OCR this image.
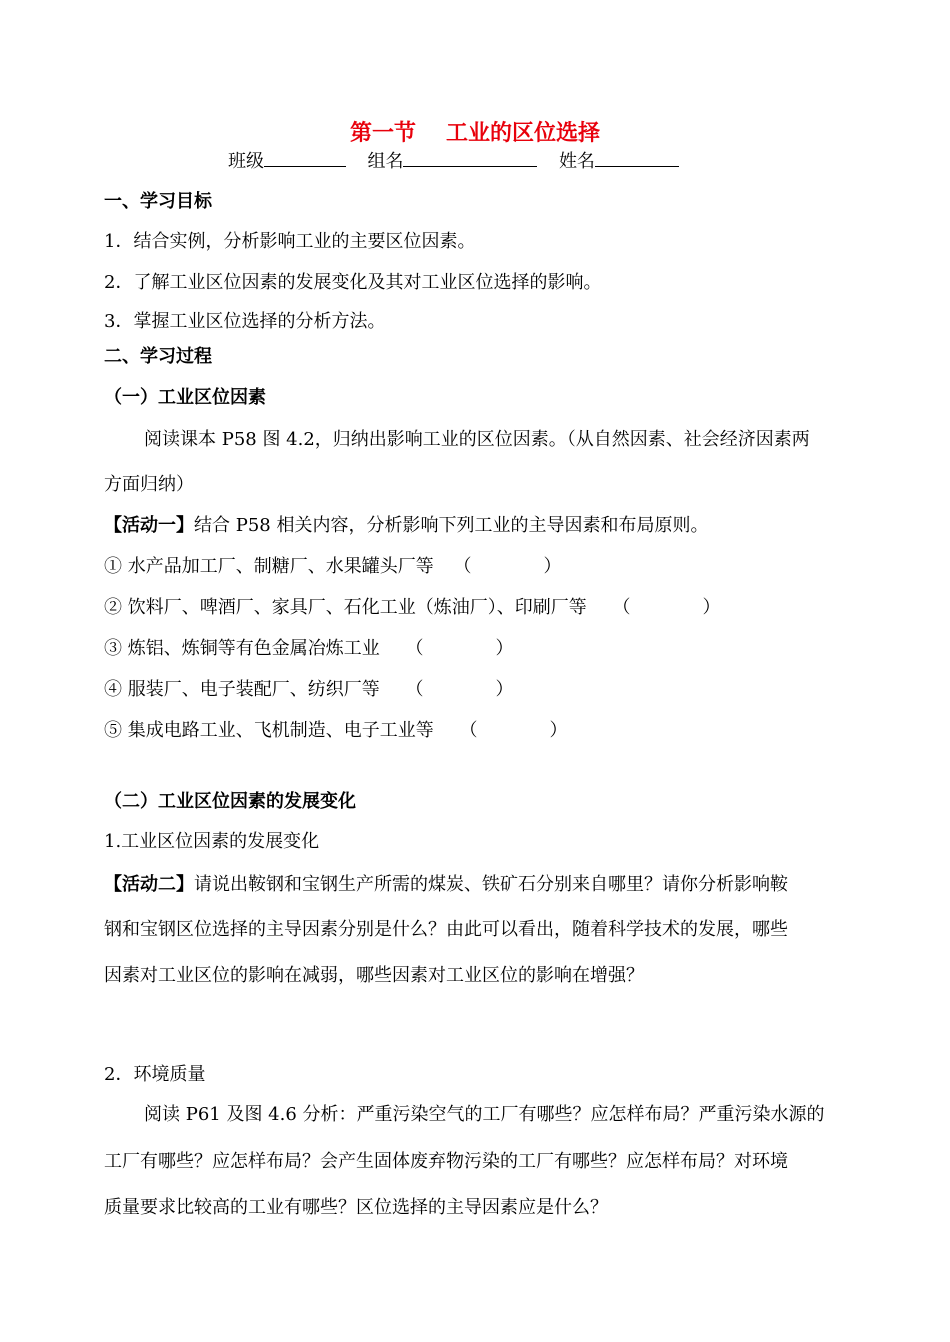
第一节 工业的区位选择
班级	组名	姓名
一、学习目标
1．结合实例，分析影响工业的主要区位因素。
2．了解工业区位因素的发展变化及其对工业区位选择的影响。
3．掌握工业区位选择的分析方法。
二、学习过程
（一）工业区位因素
阅读课本 P58 图 4.2，归纳出影响工业的区位因素。（从自然因素、社会经济因素两
方面归纳）
【活动一】结合 P58 相关内容，分析影响下列工业的主导因素和布局原则。
① 水产品加工厂、制糖厂、水果罐头厂等 （　　　　）
② 饮料厂、啤酒厂、家具厂、石化工业（炼油厂）、印刷厂等 （　　　　）
③ 炼铝、炼铜等有色金属冶炼工业 （　　　　）
④ 服装厂、电子装配厂、纺织厂等 （　　　　）
⑤ 集成电路工业、飞机制造、电子工业等 （　　　　）
（二）工业区位因素的发展变化
1.工业区位因素的发展变化
【活动二】请说出鞍钢和宝钢生产所需的煤炭、铁矿石分别来自哪里？请你分析影响鞍
钢和宝钢区位选择的主导因素分别是什么？由此可以看出，随着科学技术的发展，哪些
因素对工业区位的影响在减弱，哪些因素对工业区位的影响在增强？
2．环境质量
阅读 P61 及图 4.6 分析：严重污染空气的工厂有哪些？应怎样布局？严重污染水源的
工厂有哪些？应怎样布局？会产生固体废弃物污染的工厂有哪些？应怎样布局？对环境
质量要求比较高的工业有哪些？区位选择的主导因素应是什么？
